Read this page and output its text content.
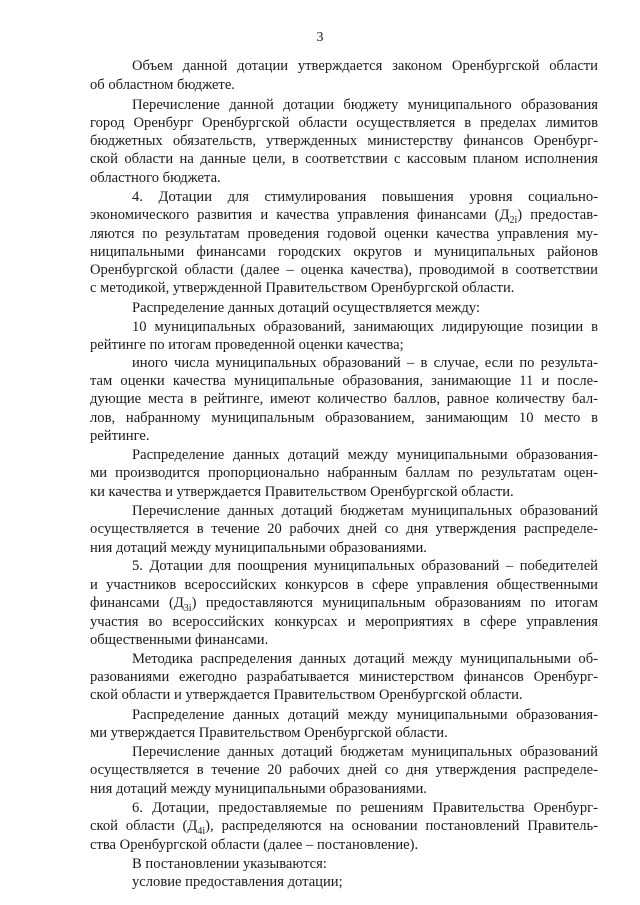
3
Объем данной дотации утверждается законом Оренбургской области
об областном бюджете.
Перечисление данной дотации бюджету муниципального образования
город Оренбург Оренбургской области осуществляется в пределах лимитов
бюджетных обязательств, утвержденных министерству финансов Оренбург-
ской области на данные цели, в соответствии с кассовым планом исполнения
областного бюджета.
4. Дотации для стимулирования повышения уровня социально-
экономического развития и качества управления финансами $(Д_{2i})$ предостав-
ляются по результатам проведения годовой оценки качества управления му-
ниципальными финансами городских округов и муниципальных районов
Оренбургской области (далее – оценка качества), проводимой в соответствии
с методикой, утвержденной Правительством Оренбургской области.
Распределение данных дотаций осуществляется между:
10 муниципальных образований, занимающих лидирующие позиции в
рейтинге по итогам проведенной оценки качества;
иного числа муниципальных образований – в случае, если по результа-
там оценки качества муниципальные образования, занимающие 11 и после-
дующие места в рейтинге, имеют количество баллов, равное количеству бал-
лов, набранному муниципальным образованием, занимающим 10 место в
рейтинге.
Распределение данных дотаций между муниципальными образования-
ми производится пропорционально набранным баллам по результатам оцен-
ки качества и утверждается Правительством Оренбургской области.
Перечисление данных дотаций бюджетам муниципальных образований
осуществляется в течение 20 рабочих дней со дня утверждения распределе-
ния дотаций между муниципальными образованиями.
5. Дотации для поощрения муниципальных образований – победителей
и участников всероссийских конкурсов в сфере управления общественными
финансами $(Д_{3i})$ предоставляются муниципальным образованиям по итогам
участия во всероссийских конкурсах и мероприятиях в сфере управления
общественными финансами.
Методика распределения данных дотаций между муниципальными об-
разованиями ежегодно разрабатывается министерством финансов Оренбург-
ской области и утверждается Правительством Оренбургской области.
Распределение данных дотаций между муниципальными образования-
ми утверждается Правительством Оренбургской области.
Перечисление данных дотаций бюджетам муниципальных образований
осуществляется в течение 20 рабочих дней со дня утверждения распределе-
ния дотаций между муниципальными образованиями.
6. Дотации, предоставляемые по решениям Правительства Оренбург-
ской области $(Д_{4i})$, распределяются на основании постановлений Правитель-
ства Оренбургской области (далее – постановление).
В постановлении указываются:
условие предоставления дотации;
